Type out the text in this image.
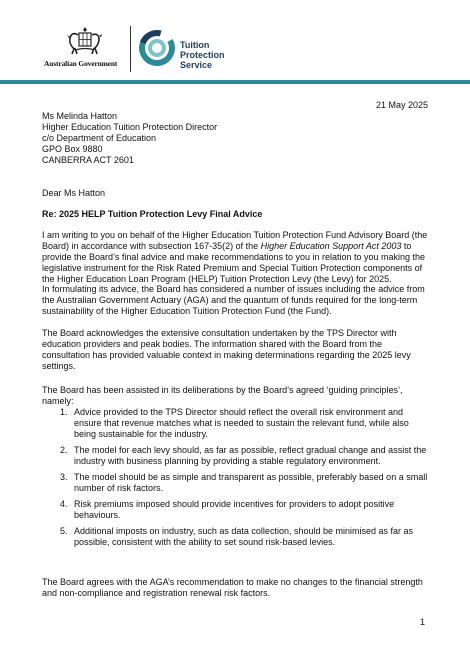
Australian Government
Tuition
Protection
Service
21 May 2025
Ms Melinda Hatton
Higher Education Tuition Protection Director
c/o Department of Education
GPO Box 9880
CANBERRA ACT 2601
Dear Ms Hatton
Re: 2025 HELP Tuition Protection Levy Final Advice
I am writing to you on behalf of the Higher Education Tuition Protection Fund Advisory Board (the Board) in accordance with subsection 167-35(2) of the Higher Education Support Act 2003 to provide the Board’s final advice and make recommendations to you in relation to you making the legislative instrument for the Risk Rated Premium and Special Tuition Protection components of the Higher Education Loan Program (HELP) Tuition Protection Levy (the Levy) for 2025.
In formulating its advice, the Board has considered a number of issues including the advice from the Australian Government Actuary (AGA) and the quantum of funds required for the long-term sustainability of the Higher Education Tuition Protection Fund (the Fund).
The Board acknowledges the extensive consultation undertaken by the TPS Director with education providers and peak bodies. The information shared with the Board from the consultation has provided valuable context in making determinations regarding the 2025 levy settings.
The Board has been assisted in its deliberations by the Board’s agreed ‘guiding principles’, namely:
1. Advice provided to the TPS Director should reflect the overall risk environment and ensure that revenue matches what is needed to sustain the relevant fund, while also being sustainable for the industry.
2. The model for each levy should, as far as possible, reflect gradual change and assist the industry with business planning by providing a stable regulatory environment.
3. The model should be as simple and transparent as possible, preferably based on a small number of risk factors.
4. Risk premiums imposed should provide incentives for providers to adopt positive behaviours.
5. Additional imposts on industry, such as data collection, should be minimised as far as possible, consistent with the ability to set sound risk-based levies.
The Board agrees with the AGA’s recommendation to make no changes to the financial strength and non-compliance and registration renewal risk factors.
1
